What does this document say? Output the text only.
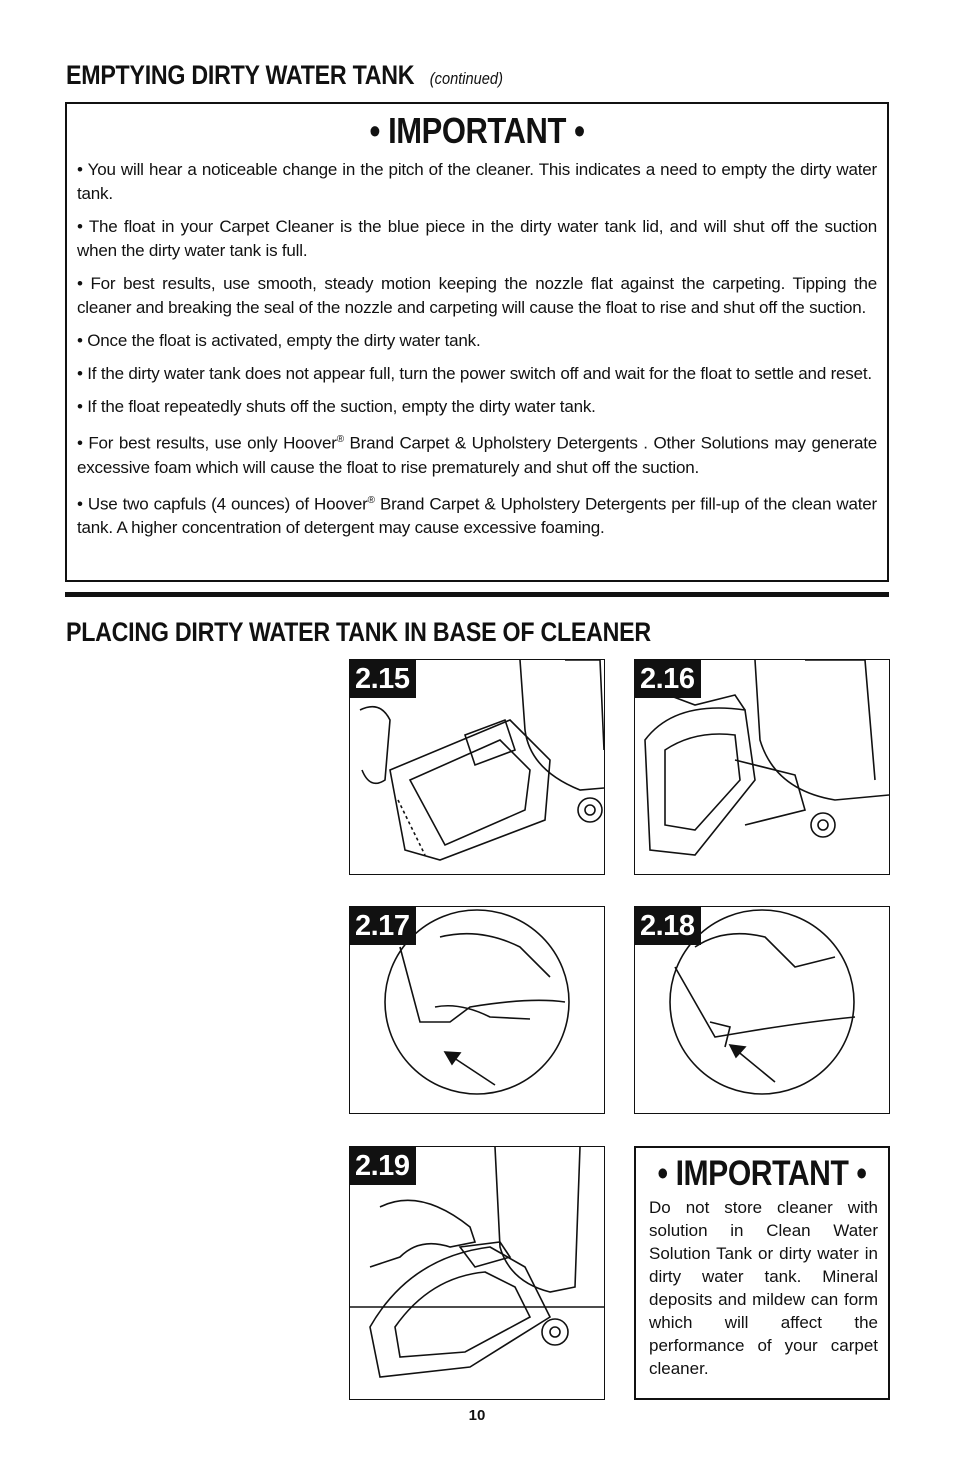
EMPTYING DIRTY WATER TANK (continued)
• IMPORTANT •
• You will hear a noticeable change in the pitch of the cleaner. This indicates a need to empty the dirty water tank.
• The float in your Carpet Cleaner is the blue piece in the dirty water tank lid, and will shut off the suction when the dirty water tank is full.
• For best results, use smooth, steady motion keeping the nozzle flat against the carpeting. Tipping the cleaner and breaking the seal of the nozzle and carpeting will cause the float to rise and shut off the suction.
• Once the float is activated, empty the dirty water tank.
• If the dirty water tank does not appear full, turn the power switch off and wait for the float to settle and reset.
• If the float repeatedly shuts off the suction, empty the dirty water tank.
• For best results, use only Hoover® Brand Carpet & Upholstery Detergents . Other Solutions may generate excessive foam which will cause the float to rise prematurely and shut off the suction.
• Use two capfuls (4 ounces) of Hoover® Brand Carpet & Upholstery Detergents per fill-up of the clean water tank. A higher concentration of detergent may cause excessive foaming.
PLACING DIRTY WATER TANK IN BASE OF CLEANER
2.15	2.16
2.17	2.18
2.19	• IMPORTANT •

Do not store cleaner with solution in Clean Water Solution Tank or dirty water in dirty water tank. Mineral deposits and mildew can form which will affect the performance of your carpet cleaner.

10
